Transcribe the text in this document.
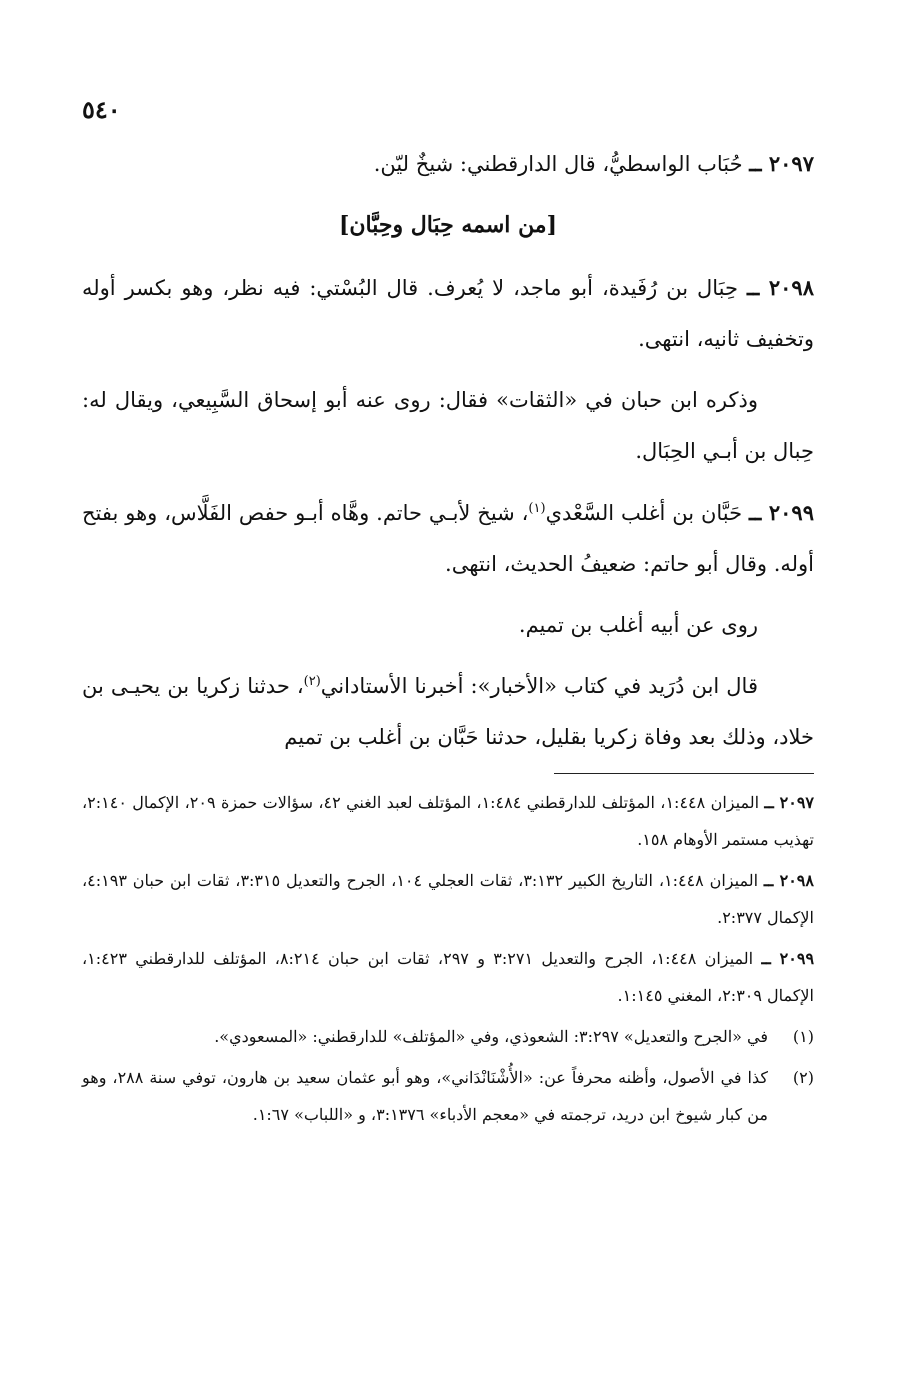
٥٤٠

٢٠٩٧ ــ حُبَاب الواسطيُّ، قال الدارقطني: شيخٌ ليّن.

[من اسمه حِبَال وحِبَّان]

٢٠٩٨ ــ حِبَال بن رُفَيدة، أبو ماجد، لا يُعرف. قال البُسْتي: فيه نظر، وهو بكسر أوله وتخفيف ثانيه، انتهى.

وذكره ابن حبان في «الثقات» فقال: روى عنه أبو إسحاق السَّبِيعي، ويقال له: حِبال بن أبـي الحِبَال.

٢٠٩٩ ــ حَبَّان بن أغلب السَّعْدي$^{(١)}$، شيخ لأبـي حاتم. وهَّاه أبـو حفص الفَلَّاس، وهو بفتح أوله. وقال أبو حاتم: ضعيفُ الحديث، انتهى.

روى عن أبيه أغلب بن تميم.

قال ابن دُرَيد في كتاب «الأخبار»: أخبرنا الأستاداني$^{(٢)}$، حدثنا زكريا بن يحيـى بن خلاد، وذلك بعد وفاة زكريا بقليل، حدثنا حَبَّان بن أغلب بن تميم

٢٠٩٧ ــ الميزان ١:٤٤٨، المؤتلف للدارقطني ١:٤٨٤، المؤتلف لعبد الغني ٤٢، سؤالات حمزة ٢٠٩، الإكمال ٢:١٤٠، تهذيب مستمر الأوهام ١٥٨.

٢٠٩٨ ــ الميزان ١:٤٤٨، التاريخ الكبير ٣:١٣٢، ثقات العجلي ١٠٤، الجرح والتعديل ٣:٣١٥، ثقات ابن حبان ٤:١٩٣، الإكمال ٢:٣٧٧.

٢٠٩٩ ــ الميزان ١:٤٤٨، الجرح والتعديل ٣:٢٧١ و ٢٩٧، ثقات ابن حبان ٨:٢١٤، المؤتلف للدارقطني ١:٤٢٣، الإكمال ٢:٣٠٩، المغني ١:١٤٥.

(١)في «الجرح والتعديل» ٣:٢٩٧: الشعوذي، وفي «المؤتلف» للدارقطني: «المسعودي».

(٢)كذا في الأصول، وأظنه محرفاً عن: «الأُشْنَانْدَاني»، وهو أبو عثمان سعيد بن هارون، توفي سنة ٢٨٨، وهو من كبار شيوخ ابن دريد، ترجمته في «معجم الأدباء» ٣:١٣٧٦، و «اللباب» ١:٦٧.
